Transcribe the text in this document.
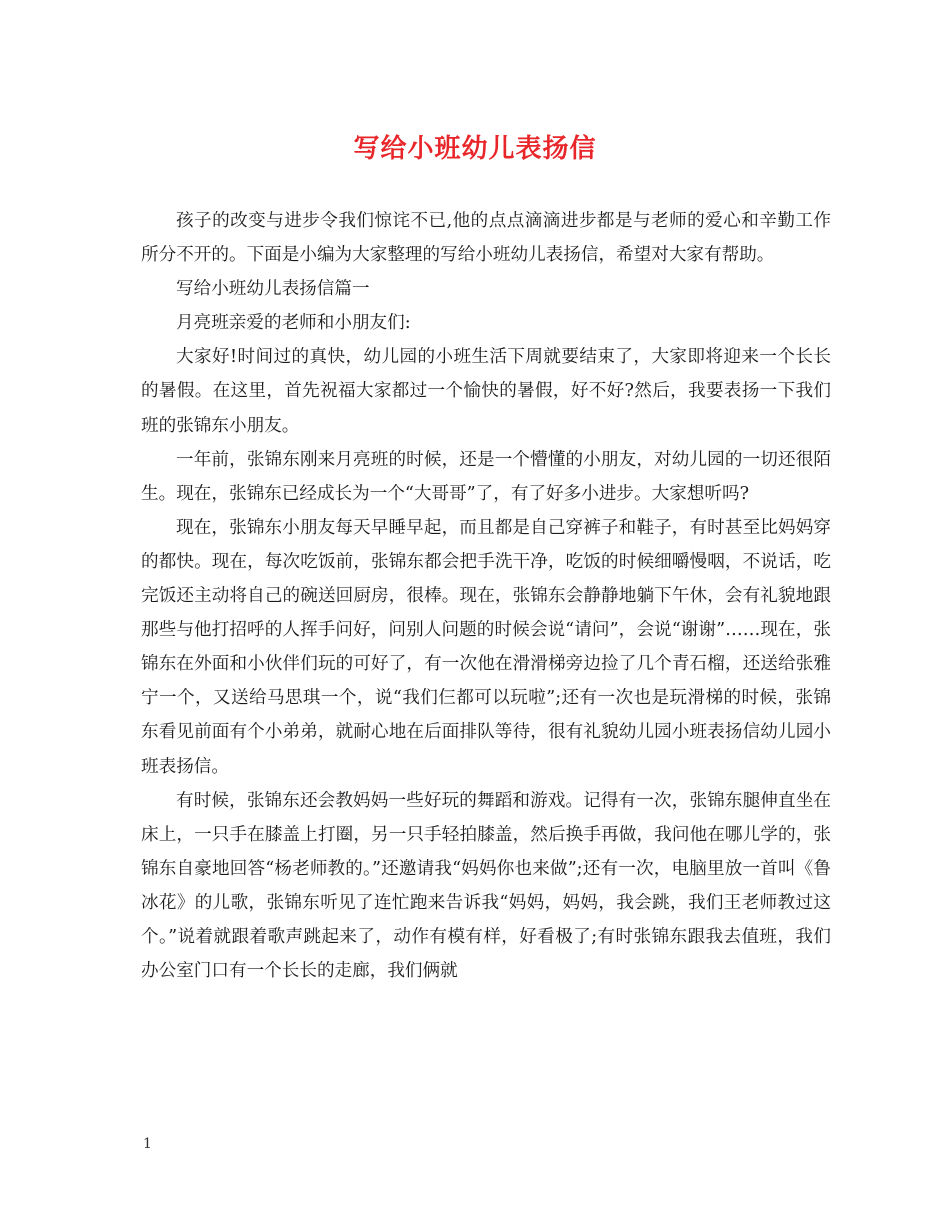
写给小班幼儿表扬信

孩子的改变与进步令我们惊诧不已,他的点点滴滴进步都是与老师的爱心和辛勤工作所分不开的。下面是小编为大家整理的写给小班幼儿表扬信，希望对大家有帮助。

写给小班幼儿表扬信篇一

月亮班亲爱的老师和小朋友们:

大家好!时间过的真快，幼儿园的小班生活下周就要结束了，大家即将迎来一个长长的暑假。在这里，首先祝福大家都过一个愉快的暑假，好不好?然后，我要表扬一下我们班的张锦东小朋友。

一年前，张锦东刚来月亮班的时候，还是一个懵懂的小朋友，对幼儿园的一切还很陌生。现在，张锦东已经成长为一个“大哥哥”了，有了好多小进步。大家想听吗?

现在，张锦东小朋友每天早睡早起，而且都是自己穿裤子和鞋子，有时甚至比妈妈穿的都快。现在，每次吃饭前，张锦东都会把手洗干净，吃饭的时候细嚼慢咽，不说话，吃完饭还主动将自己的碗送回厨房，很棒。现在，张锦东会静静地躺下午休，会有礼貌地跟那些与他打招呼的人挥手问好，问别人问题的时候会说“请问”，会说“谢谢”……现在，张锦东在外面和小伙伴们玩的可好了，有一次他在滑滑梯旁边捡了几个青石榴，还送给张雅宁一个，又送给马思琪一个，说“我们仨都可以玩啦”;还有一次也是玩滑梯的时候，张锦东看见前面有个小弟弟，就耐心地在后面排队等待，很有礼貌幼儿园小班表扬信幼儿园小班表扬信。

有时候，张锦东还会教妈妈一些好玩的舞蹈和游戏。记得有一次，张锦东腿伸直坐在床上，一只手在膝盖上打圈，另一只手轻拍膝盖，然后换手再做，我问他在哪儿学的，张锦东自豪地回答“杨老师教的。”还邀请我“妈妈你也来做”;还有一次，电脑里放一首叫《鲁冰花》的儿歌，张锦东听见了连忙跑来告诉我“妈妈，妈妈，我会跳，我们王老师教过这个。”说着就跟着歌声跳起来了，动作有模有样，好看极了;有时张锦东跟我去值班，我们办公室门口有一个长长的走廊，我们俩就

1
